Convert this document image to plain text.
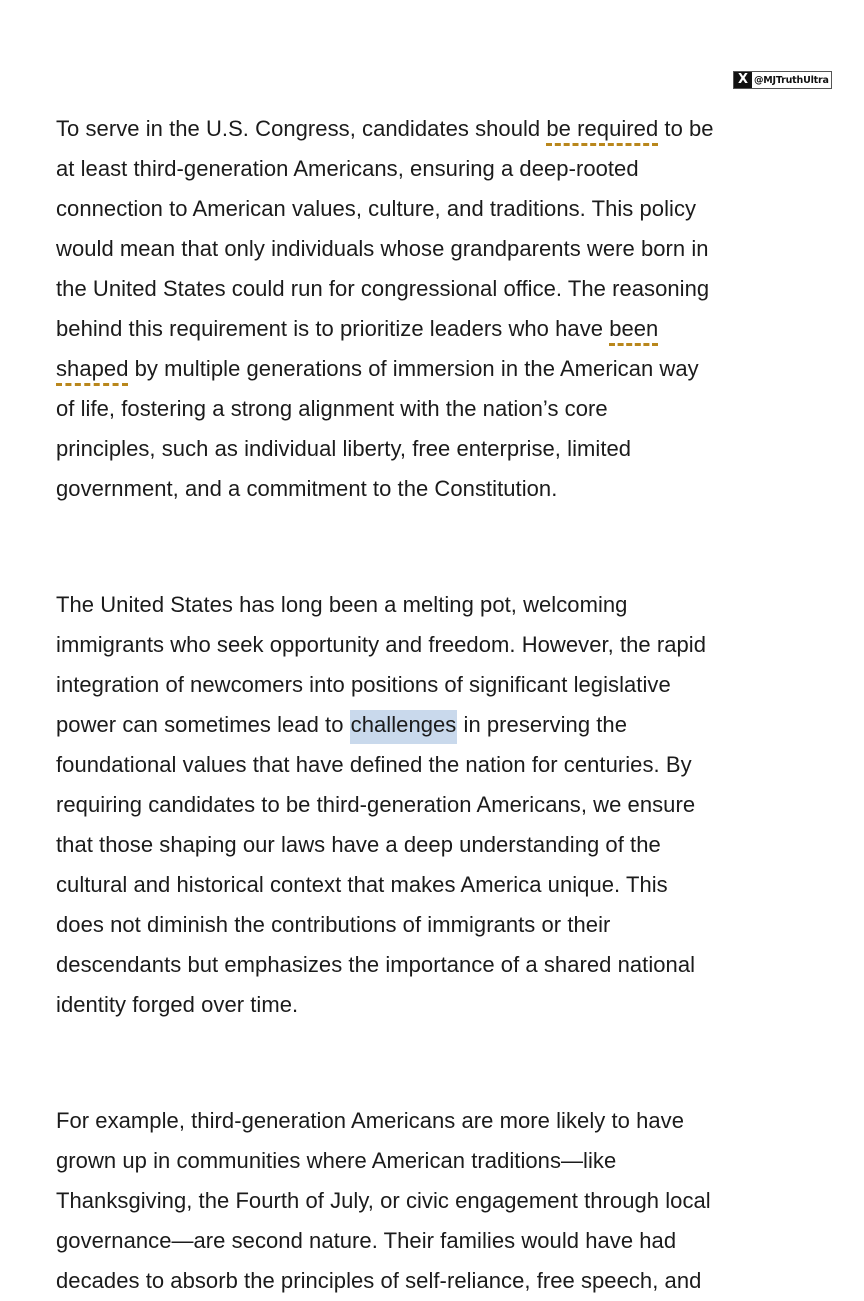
X @MJTruthUltra

To serve in the U.S. Congress, candidates should be required to be
at least third-generation Americans, ensuring a deep-rooted
connection to American values, culture, and traditions. This policy
would mean that only individuals whose grandparents were born in
the United States could run for congressional office. The reasoning
behind this requirement is to prioritize leaders who have been
shaped by multiple generations of immersion in the American way
of life, fostering a strong alignment with the nation’s core
principles, such as individual liberty, free enterprise, limited
government, and a commitment to the Constitution.

The United States has long been a melting pot, welcoming
immigrants who seek opportunity and freedom. However, the rapid
integration of newcomers into positions of significant legislative
power can sometimes lead to challenges in preserving the
foundational values that have defined the nation for centuries. By
requiring candidates to be third-generation Americans, we ensure
that those shaping our laws have a deep understanding of the
cultural and historical context that makes America unique. This
does not diminish the contributions of immigrants or their
descendants but emphasizes the importance of a shared national
identity forged over time.

For example, third-generation Americans are more likely to have
grown up in communities where American traditions—like
Thanksgiving, the Fourth of July, or civic engagement through local
governance—are second nature. Their families would have had
decades to absorb the principles of self-reliance, free speech, and
